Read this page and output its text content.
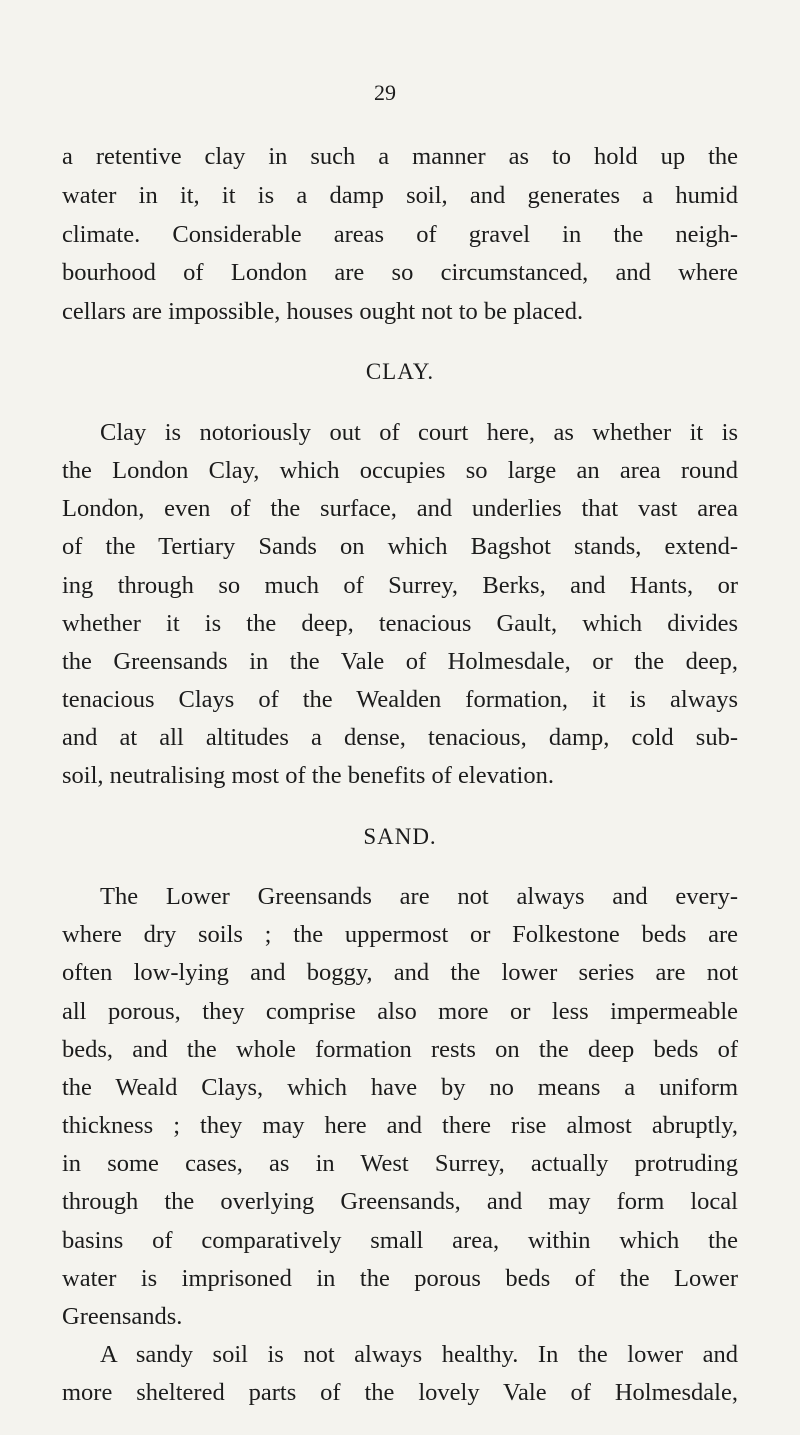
29
a retentive clay in such a manner as to hold up the
water in it, it is a damp soil, and generates a humid
climate. Considerable areas of gravel in the neigh-
bourhood of London are so circumstanced, and where
cellars are impossible, houses ought not to be placed.
CLAY.
Clay is notoriously out of court here, as whether it is
the London Clay, which occupies so large an area round
London, even of the surface, and underlies that vast area
of the Tertiary Sands on which Bagshot stands, extend-
ing through so much of Surrey, Berks, and Hants, or
whether it is the deep, tenacious Gault, which divides
the Greensands in the Vale of Holmesdale, or the deep,
tenacious Clays of the Wealden formation, it is always
and at all altitudes a dense, tenacious, damp, cold sub-
soil, neutralising most of the benefits of elevation.
SAND.
The Lower Greensands are not always and every-
where dry soils ; the uppermost or Folkestone beds are
often low-lying and boggy, and the lower series are not
all porous, they comprise also more or less impermeable
beds, and the whole formation rests on the deep beds of
the Weald Clays, which have by no means a uniform
thickness ; they may here and there rise almost abruptly,
in some cases, as in West Surrey, actually protruding
through the overlying Greensands, and may form local
basins of comparatively small area, within which the
water is imprisoned in the porous beds of the Lower
Greensands.
A sandy soil is not always healthy. In the lower and
more sheltered parts of the lovely Vale of Holmesdale,
